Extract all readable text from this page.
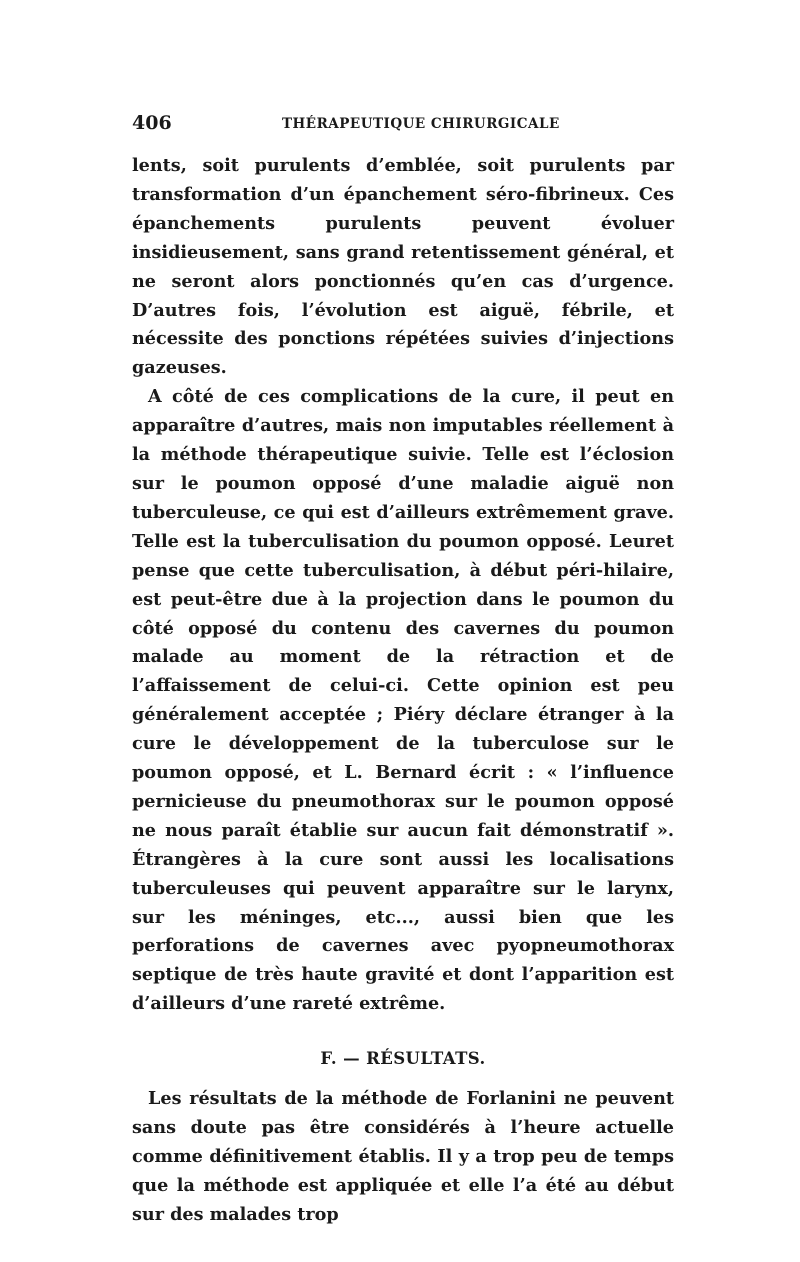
406	THÉRAPEUTIQUE CHIRURGICALE

lents, soit purulents d’emblée, soit purulents par transformation d’un épanchement séro-fibrineux. Ces épanchements purulents peuvent évoluer insidieusement, sans grand retentissement général, et ne seront alors ponctionnés qu’en cas d’urgence. D’autres fois, l’évolution est aiguë, fébrile, et nécessite des ponctions répétées suivies d’injections gazeuses.

A côté de ces complications de la cure, il peut en apparaître d’autres, mais non imputables réellement à la méthode thérapeutique suivie. Telle est l’éclosion sur le poumon opposé d’une maladie aiguë non tuberculeuse, ce qui est d’ailleurs extrêmement grave. Telle est la tuberculisation du poumon opposé. Leuret pense que cette tuberculisation, à début péri-hilaire, est peut-être due à la projection dans le poumon du côté opposé du contenu des cavernes du poumon malade au moment de la rétraction et de l’affaissement de celui-ci. Cette opinion est peu généralement acceptée ; Piéry déclare étranger à la cure le développement de la tuberculose sur le poumon opposé, et L. Bernard écrit : « l’influence pernicieuse du pneumothorax sur le poumon opposé ne nous paraît établie sur aucun fait démonstratif ». Étrangères à la cure sont aussi les localisations tuberculeuses qui peuvent apparaître sur le larynx, sur les méninges, etc..., aussi bien que les perforations de cavernes avec pyopneumothorax septique de très haute gravité et dont l’apparition est d’ailleurs d’une rareté extrême.

F. — RÉSULTATS.

Les résultats de la méthode de Forlanini ne peuvent sans doute pas être considérés à l’heure actuelle comme définitivement établis. Il y a trop peu de temps que la méthode est appliquée et elle l’a été au début sur des malades trop
